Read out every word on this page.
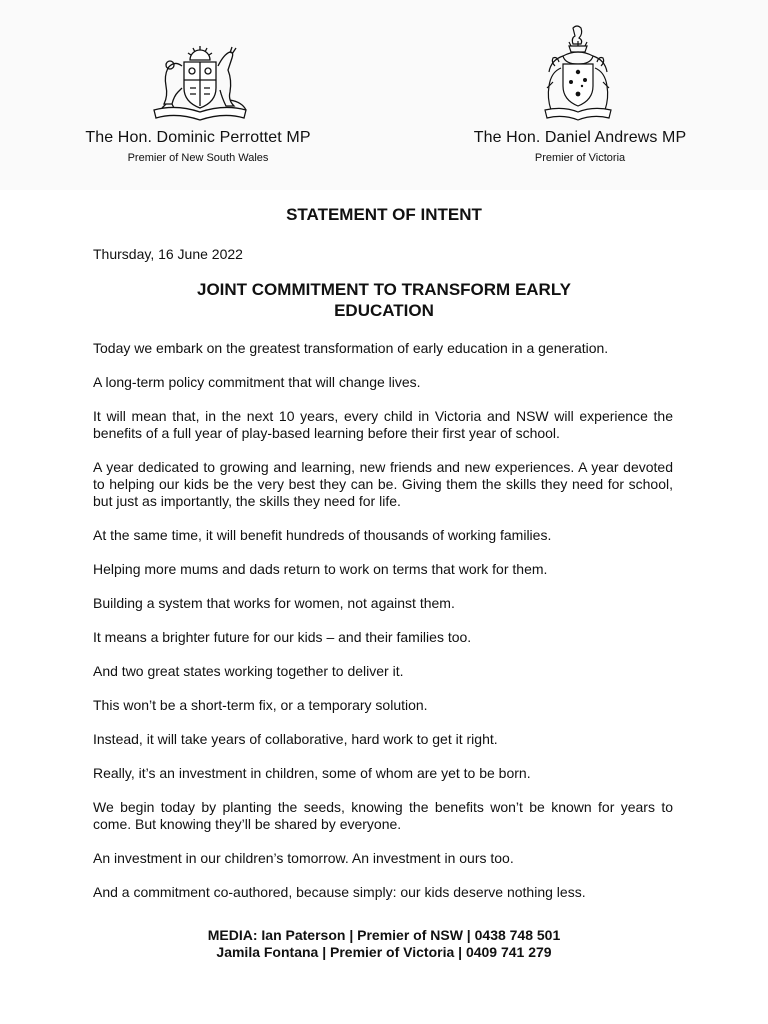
The Hon. Dominic Perrottet MP
Premier of New South Wales
The Hon. Daniel Andrews MP
Premier of Victoria
STATEMENT OF INTENT
Thursday, 16 June 2022
JOINT COMMITMENT TO TRANSFORM EARLY
EDUCATION

Today we embark on the greatest transformation of early education in a generation.

A long-term policy commitment that will change lives.

It will mean that, in the next 10 years, every child in Victoria and NSW will experience the benefits of a full year of play-based learning before their first year of school.

A year dedicated to growing and learning, new friends and new experiences. A year devoted to helping our kids be the very best they can be. Giving them the skills they need for school, but just as importantly, the skills they need for life.

At the same time, it will benefit hundreds of thousands of working families.

Helping more mums and dads return to work on terms that work for them.

Building a system that works for women, not against them.

It means a brighter future for our kids – and their families too.

And two great states working together to deliver it.

This won’t be a short-term fix, or a temporary solution.

Instead, it will take years of collaborative, hard work to get it right.

Really, it’s an investment in children, some of whom are yet to be born.

We begin today by planting the seeds, knowing the benefits won’t be known for years to come. But knowing they’ll be shared by everyone.

An investment in our children’s tomorrow. An investment in ours too.

And a commitment co-authored, because simply: our kids deserve nothing less.

MEDIA: Ian Paterson | Premier of NSW | 0438 748 501
Jamila Fontana | Premier of Victoria | 0409 741 279
